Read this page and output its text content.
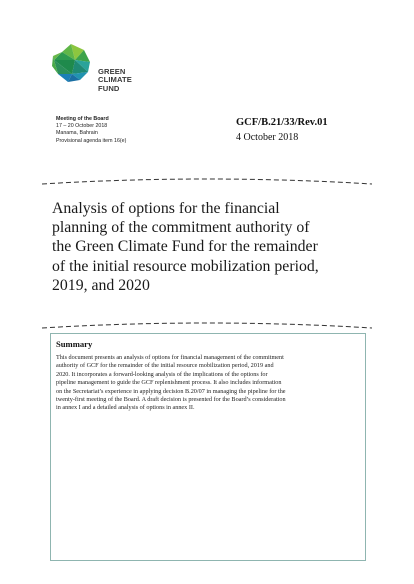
GREEN
CLIMATE
FUND
Meeting of the Board
17 – 20 October 2018
Manama, Bahrain
Provisional agenda item 16(e)
GCF/B.21/33/Rev.01
4 October 2018
Analysis of options for the financial
planning of the commitment authority of
the Green Climate Fund for the remainder
of the initial resource mobilization period,
2019, and 2020
Summary
This document presents an analysis of options for financial management of the commitment
authority of GCF for the remainder of the initial resource mobilization period, 2019 and
2020. It incorporates a forward-looking analysis of the implications of the options for
pipeline management to guide the GCF replenishment process. It also includes information
on the Secretariat’s experience in applying decision B.20/07 in managing the pipeline for the
twenty-first meeting of the Board. A draft decision is presented for the Board’s consideration
in annex I and a detailed analysis of options in annex II.
